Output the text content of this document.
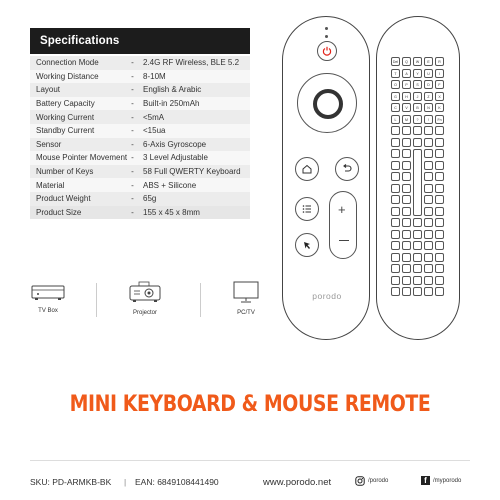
Specifications
Connection Mode	-	2.4G RF Wireless, BLE 5.2
Working Distance	-	8-10M
Layout	-	English & Arabic
Battery Capacity	-	Built-in 250mAh
Working Current	-	<5mA
Standby Current	-	<15ua
Sensor	-	6-Axis Gyroscope
Mouse Pointer Movement -	3 Level Adjustable
Number of Keys	-	58 Full QWERTY Keyboard
Material	-	ABS + Silicone
Product Weight	-	65g
Product Size	-	155 x 45 x 8mm
TV Box	Projector	PC/TV
+
porodo
Del	Q	W	E	R
T	A	Y	U	I
O	P	S	D	F
G	H	J	Z	X
C	V	B	N	K
L	M	?	!	Fn
MINI KEYBOARD & MOUSE REMOTE
SKU: PD-ARMKB-BK | EAN: 6849108441490	www.porodo.net	/porodo	f	/myporodo
